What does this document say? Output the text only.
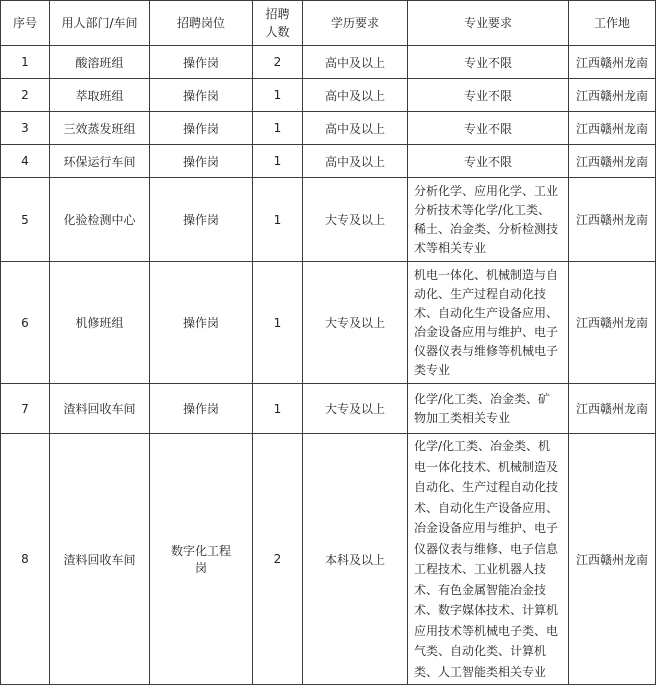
序号	用人部门/车间	招聘岗位	招聘人数	学历要求	专业要求	工作地
1	酸溶班组	操作岗	2	高中及以上	专业不限	江西赣州龙南
2	萃取班组	操作岗	1	高中及以上	专业不限	江西赣州龙南
3	三效蒸发班组	操作岗	1	高中及以上	专业不限	江西赣州龙南
4	环保运行车间	操作岗	1	高中及以上	专业不限	江西赣州龙南
5	化验检测中心	操作岗	1	大专及以上	分析化学、应用化学、工业分析技术等化学/化工类、稀土、冶金类、分析检测技术等相关专业	江西赣州龙南
6	机修班组	操作岗	1	大专及以上	机电一体化、机械制造与自动化、生产过程自动化技术、自动化生产设备应用、冶金设备应用与维护、电子仪器仪表与维修等机械电子类专业	江西赣州龙南
7	渣料回收车间	操作岗	1	大专及以上	化学/化工类、冶金类、矿物加工类相关专业	江西赣州龙南
8	渣料回收车间	数字化工程岗	2	本科及以上	化学/化工类、冶金类、机电一体化技术、机械制造及自动化、生产过程自动化技术、自动化生产设备应用、冶金设备应用与维护、电子仪器仪表与维修、电子信息工程技术、工业机器人技术、有色金属智能冶金技术、数字媒体技术、计算机应用技术等机械电子类、电气类、自动化类、计算机类、人工智能类相关专业	江西赣州龙南
